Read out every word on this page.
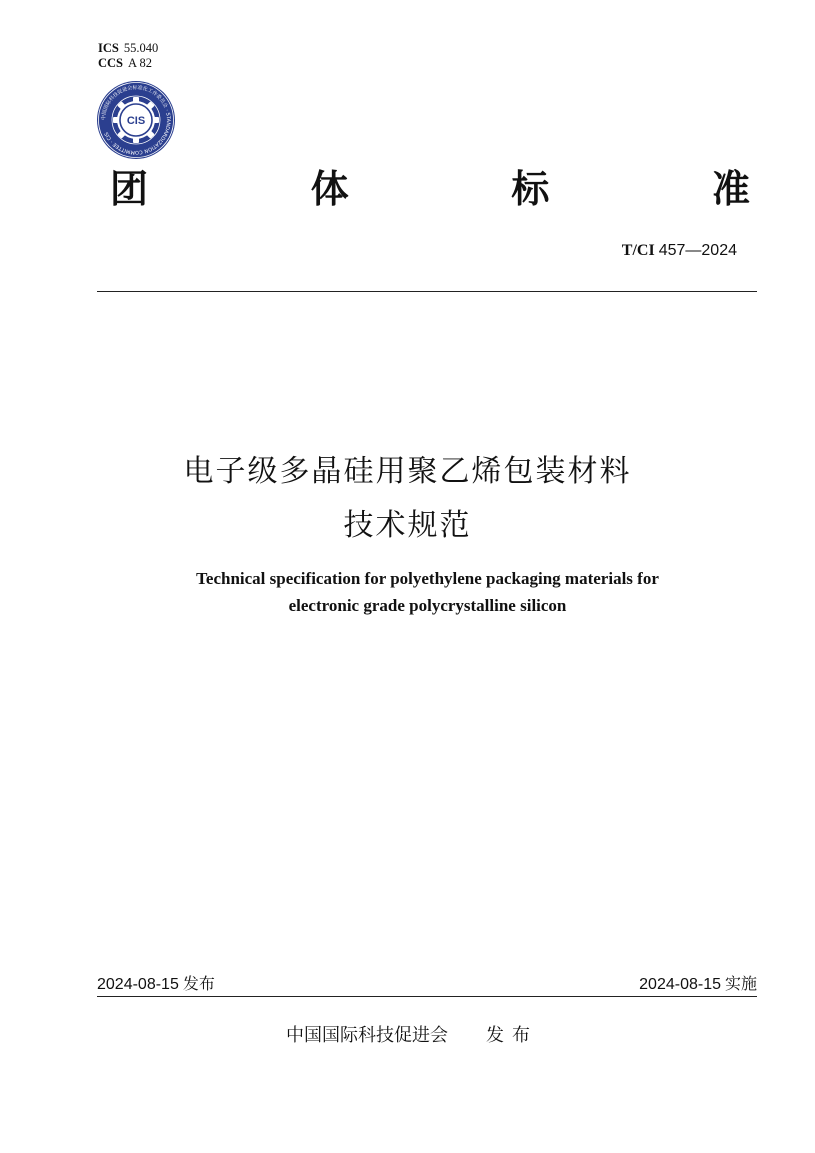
ICS 55.040
CCS A 82
中国国际科技促进会标准化工作委员会 · STANDARDIZATION COMMITTEE · CIS
CIS
团	体	标	准
T/CI 457—2024
电子级多晶硅用聚乙烯包装材料
技术规范
Technical specification for polyethylene packaging materials for
electronic grade polycrystalline silicon
2024-08-15 发布	2024-08-15 实施
中国国际科技促进会 发布
